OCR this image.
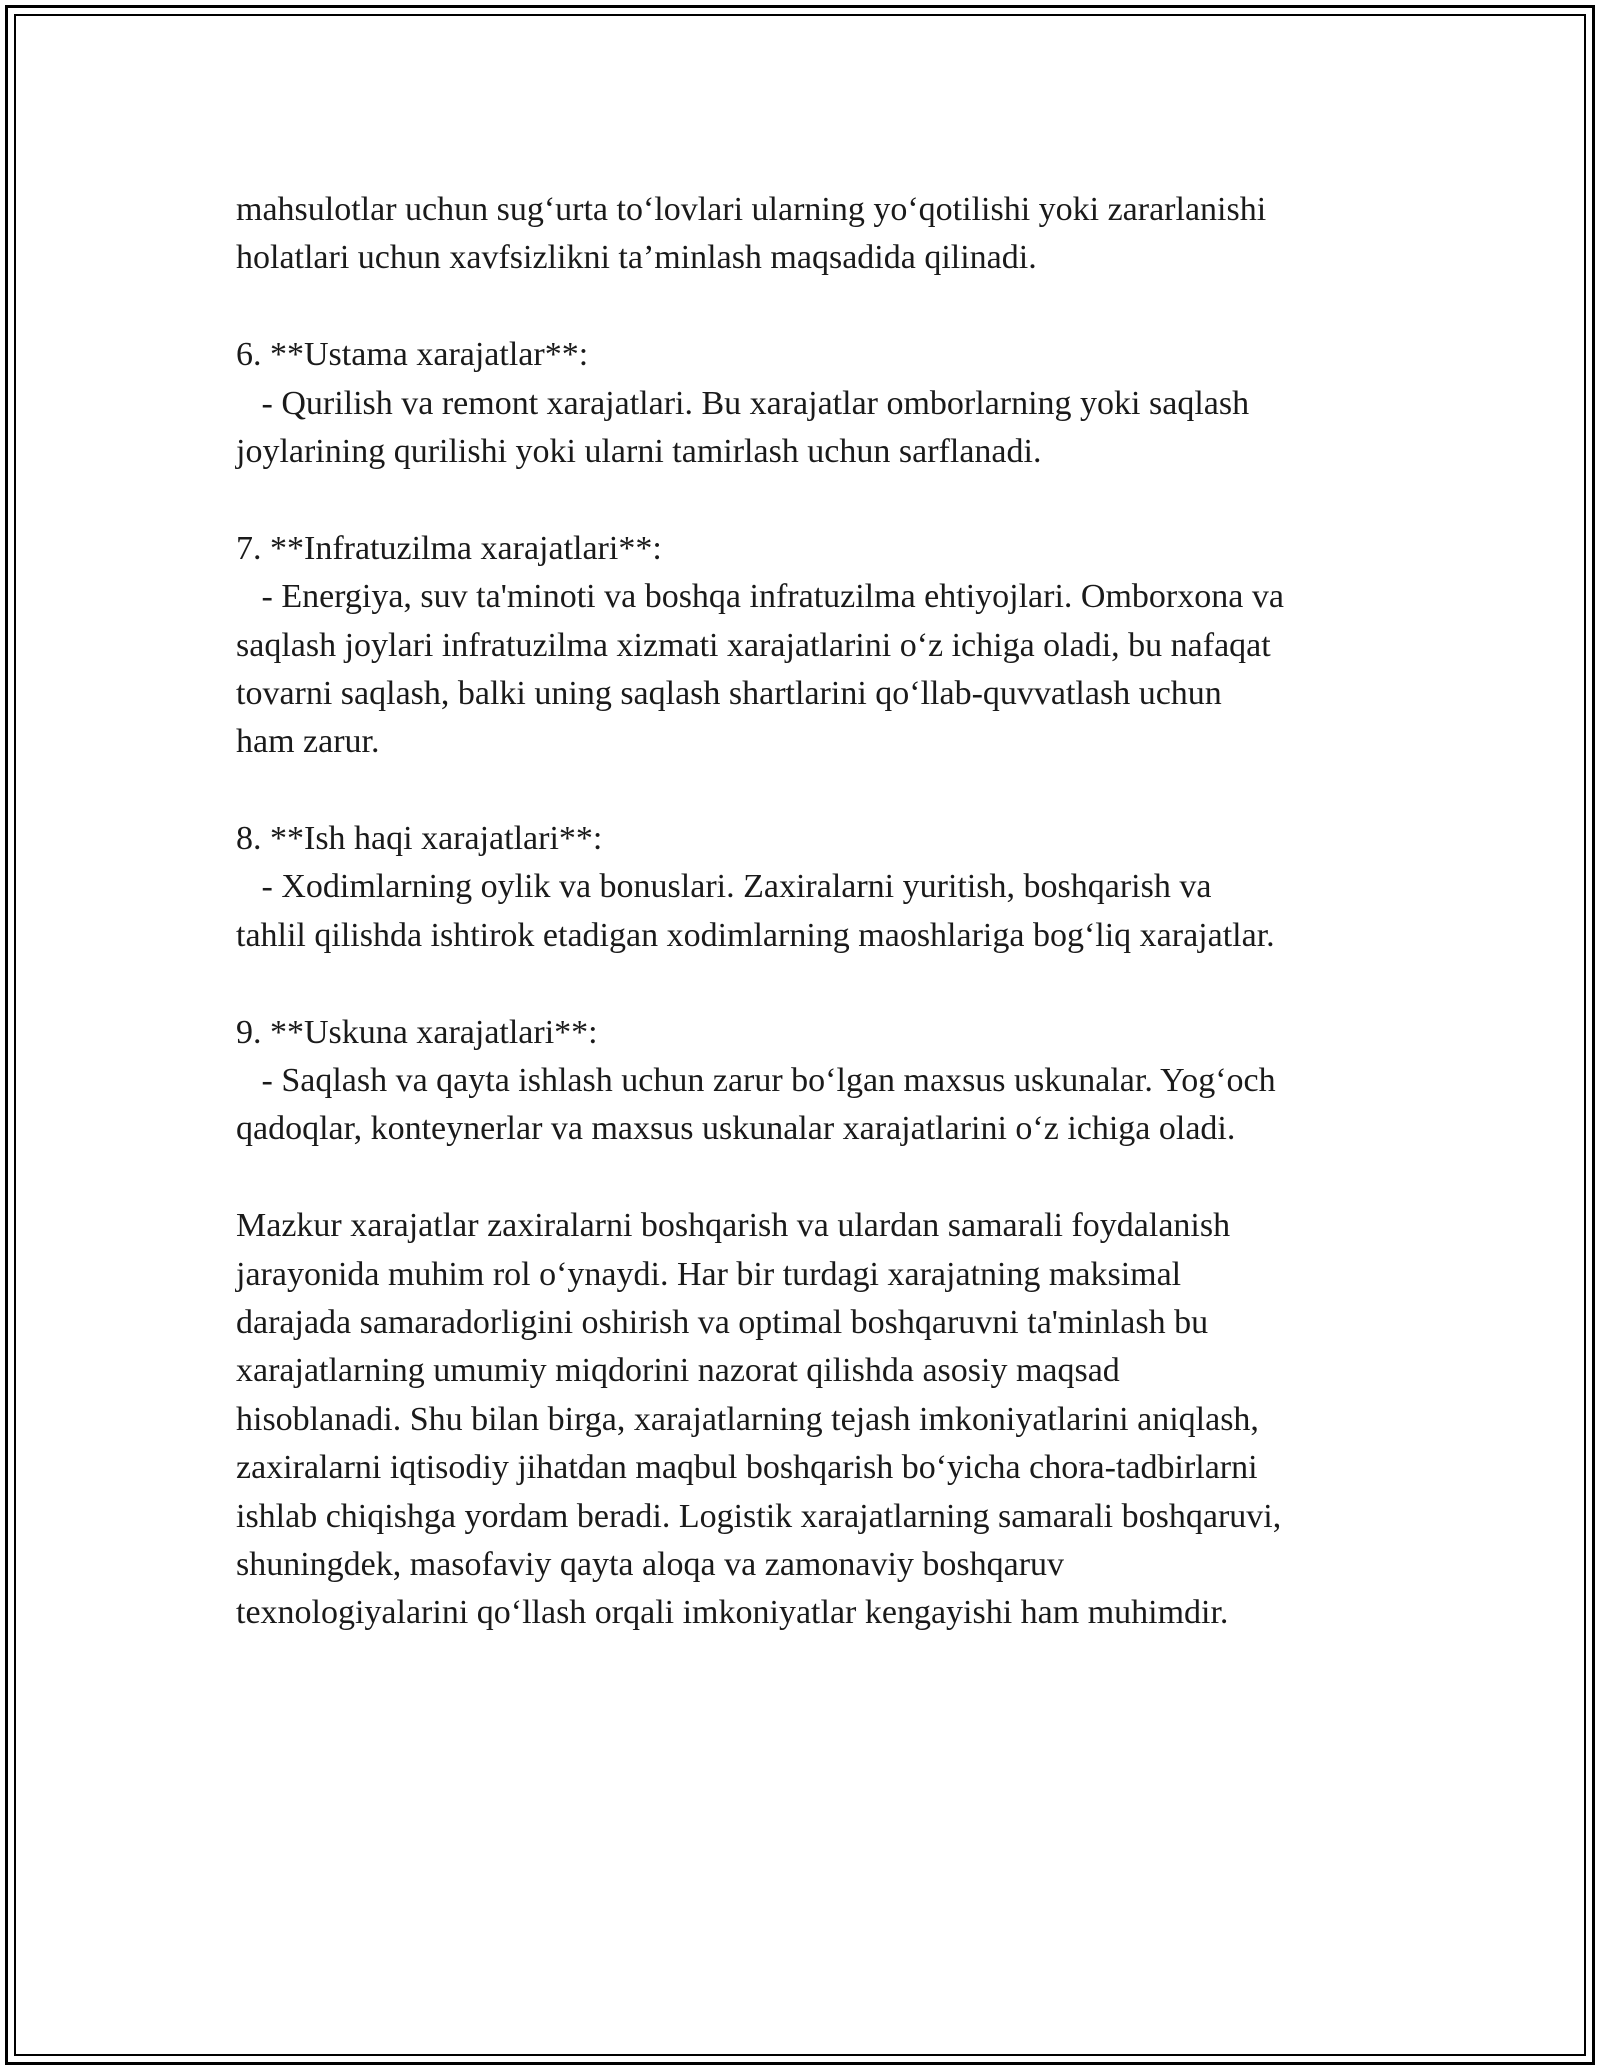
mahsulotlar uchun sug‘urta to‘lovlari ularning yo‘qotilishi yoki zararlanishi
holatlari uchun xavfsizlikni ta’minlash maqsadida qilinadi.
6. **Ustama xarajatlar**:
- Qurilish va remont xarajatlari. Bu xarajatlar omborlarning yoki saqlash
joylarining qurilishi yoki ularni tamirlash uchun sarflanadi.
7. **Infratuzilma xarajatlari**:
- Energiya, suv ta'minoti va boshqa infratuzilma ehtiyojlari. Omborxona va
saqlash joylari infratuzilma xizmati xarajatlarini o‘z ichiga oladi, bu nafaqat
tovarni saqlash, balki uning saqlash shartlarini qo‘llab-quvvatlash uchun
ham zarur.
8. **Ish haqi xarajatlari**:
- Xodimlarning oylik va bonuslari. Zaxiralarni yuritish, boshqarish va
tahlil qilishda ishtirok etadigan xodimlarning maoshlariga bog‘liq xarajatlar.
9. **Uskuna xarajatlari**:
- Saqlash va qayta ishlash uchun zarur bo‘lgan maxsus uskunalar. Yog‘och
qadoqlar, konteynerlar va maxsus uskunalar xarajatlarini o‘z ichiga oladi.
Mazkur xarajatlar zaxiralarni boshqarish va ulardan samarali foydalanish
jarayonida muhim rol o‘ynaydi. Har bir turdagi xarajatning maksimal
darajada samaradorligini oshirish va optimal boshqaruvni ta'minlash bu
xarajatlarning umumiy miqdorini nazorat qilishda asosiy maqsad
hisoblanadi. Shu bilan birga, xarajatlarning tejash imkoniyatlarini aniqlash,
zaxiralarni iqtisodiy jihatdan maqbul boshqarish bo‘yicha chora-tadbirlarni
ishlab chiqishga yordam beradi. Logistik xarajatlarning samarali boshqaruvi,
shuningdek, masofaviy qayta aloqa va zamonaviy boshqaruv
texnologiyalarini qo‘llash orqali imkoniyatlar kengayishi ham muhimdir.
